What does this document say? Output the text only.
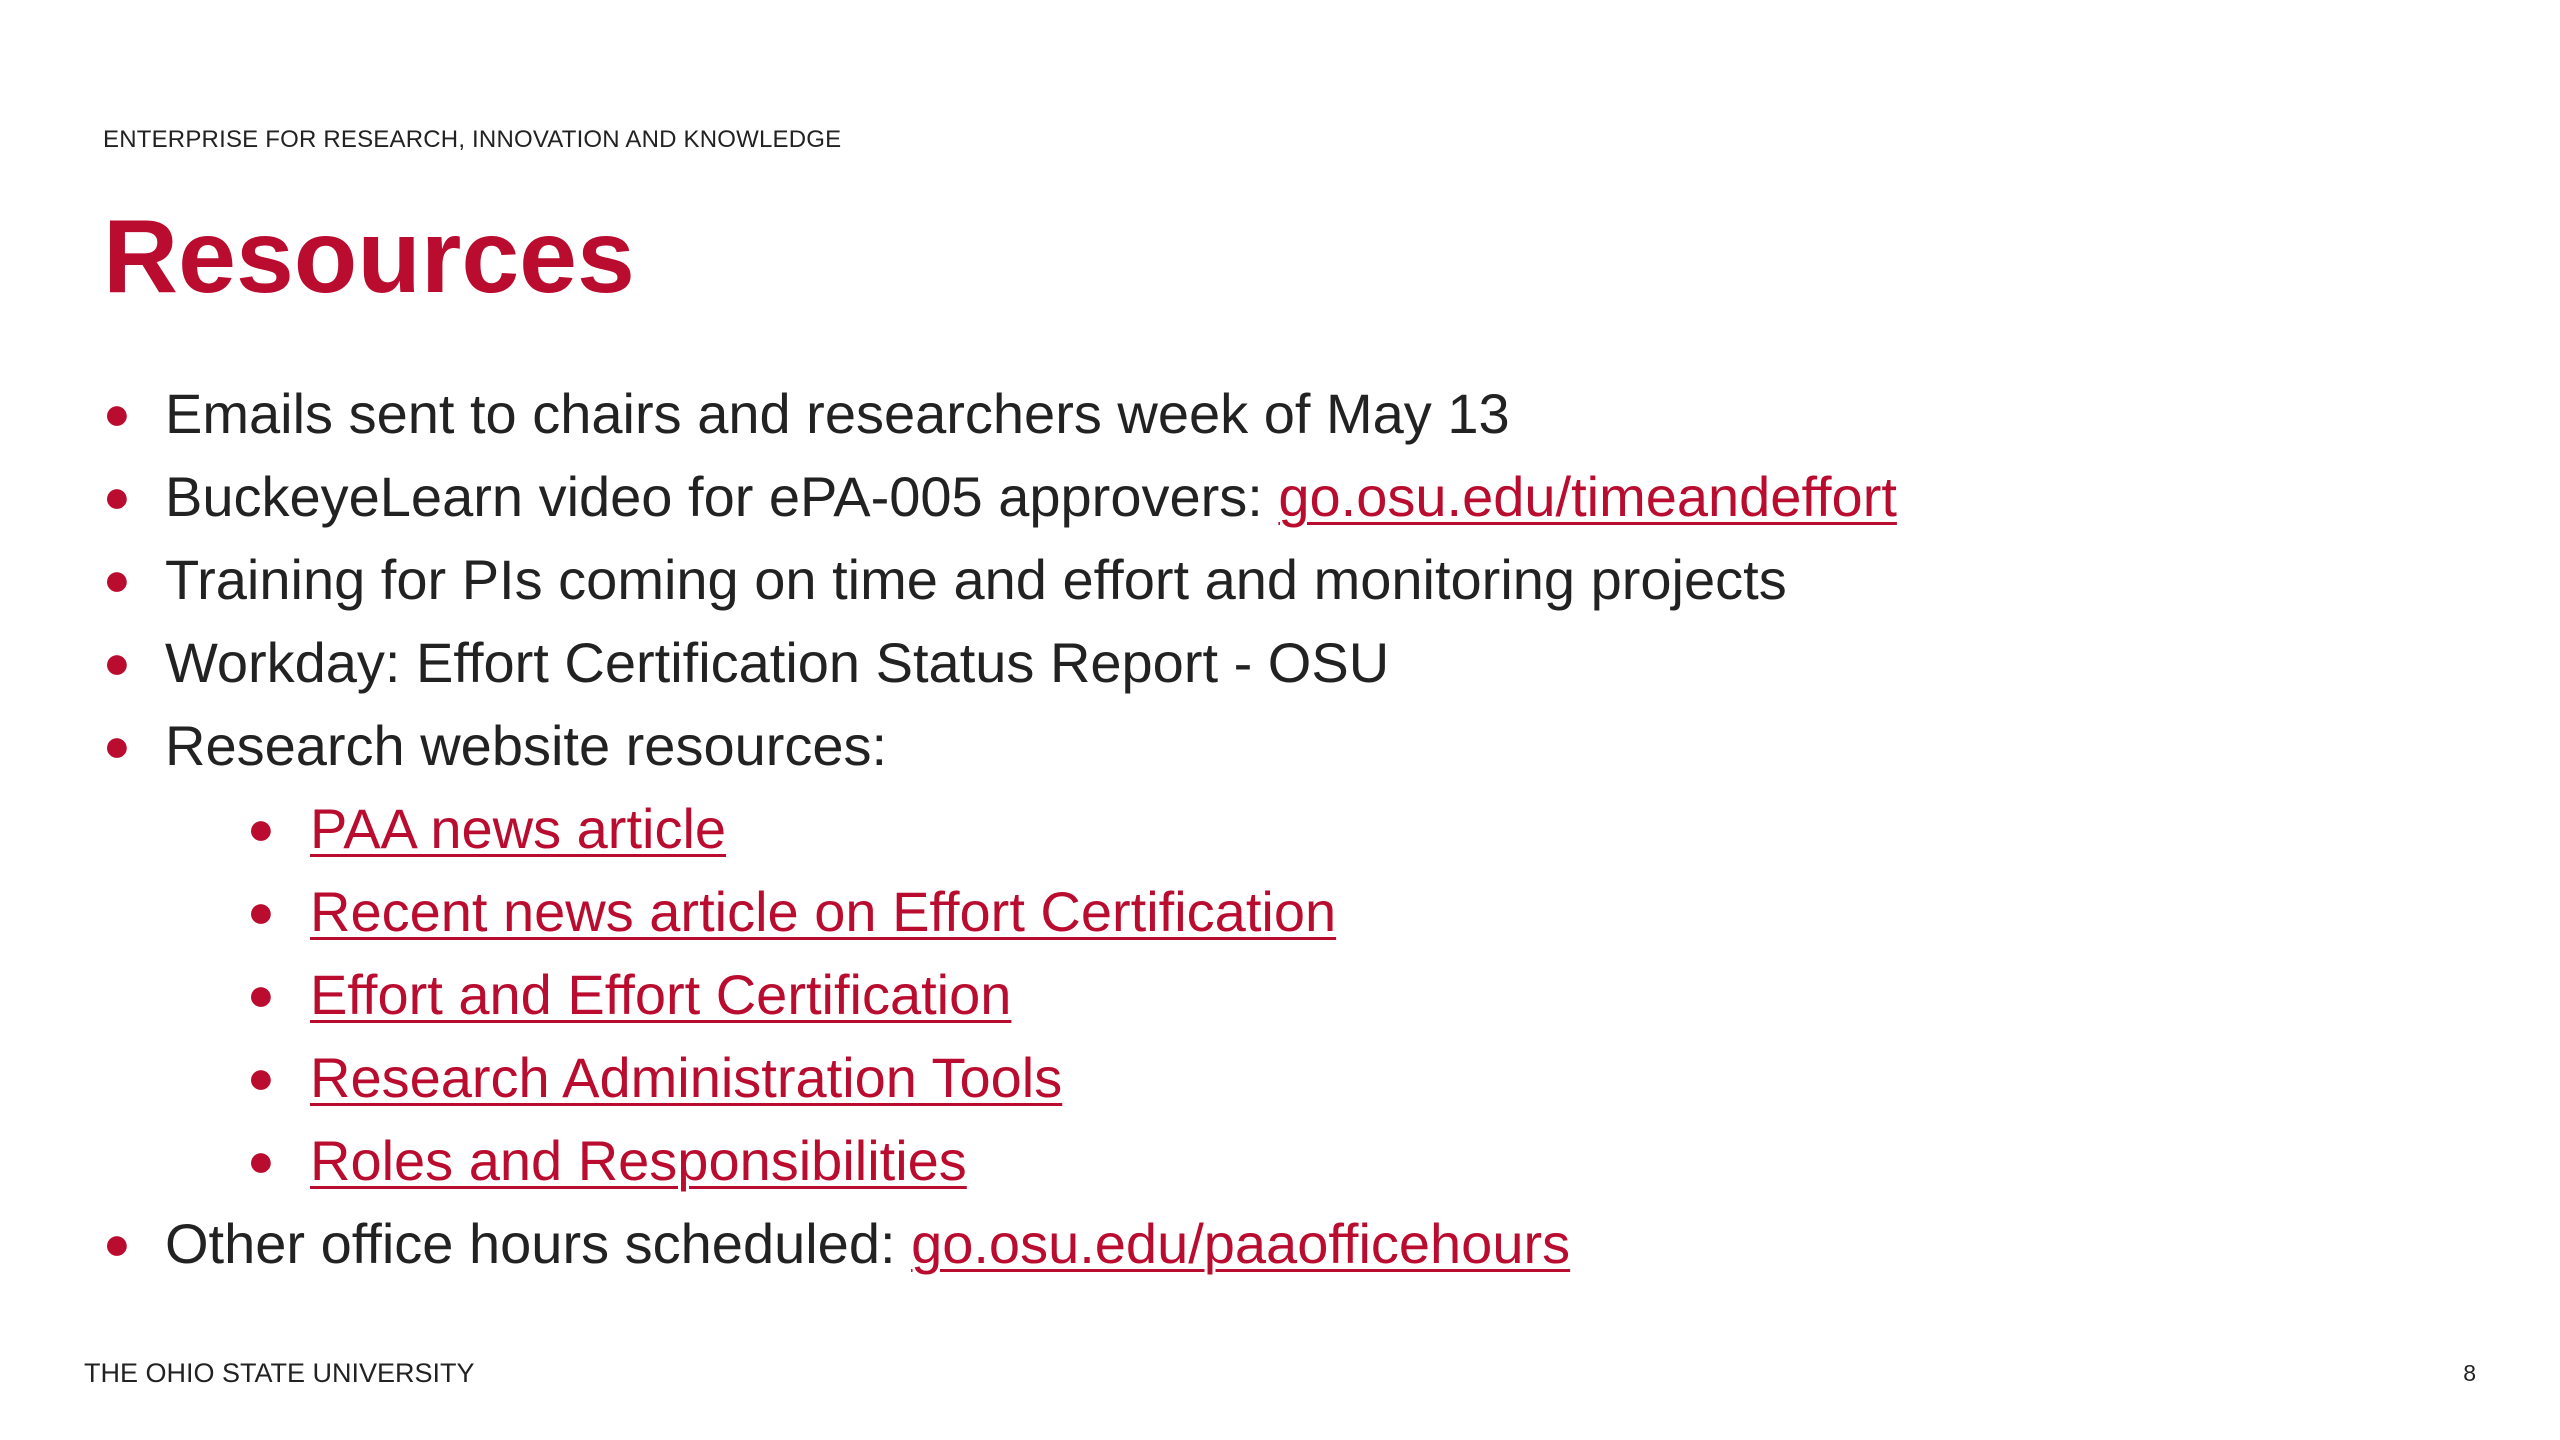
ENTERPRISE FOR RESEARCH, INNOVATION AND KNOWLEDGE
Resources
● Emails sent to chairs and researchers week of May 13
● BuckeyeLearn video for ePA-005 approvers: go.osu.edu/timeandeffort
● Training for PIs coming on time and effort and monitoring projects
● Workday: Effort Certification Status Report - OSU
● Research website resources:
● PAA news article
● Recent news article on Effort Certification
● Effort and Effort Certification
● Research Administration Tools
● Roles and Responsibilities
● Other office hours scheduled: go.osu.edu/paaofficehours
THE OHIO STATE UNIVERSITY	8
